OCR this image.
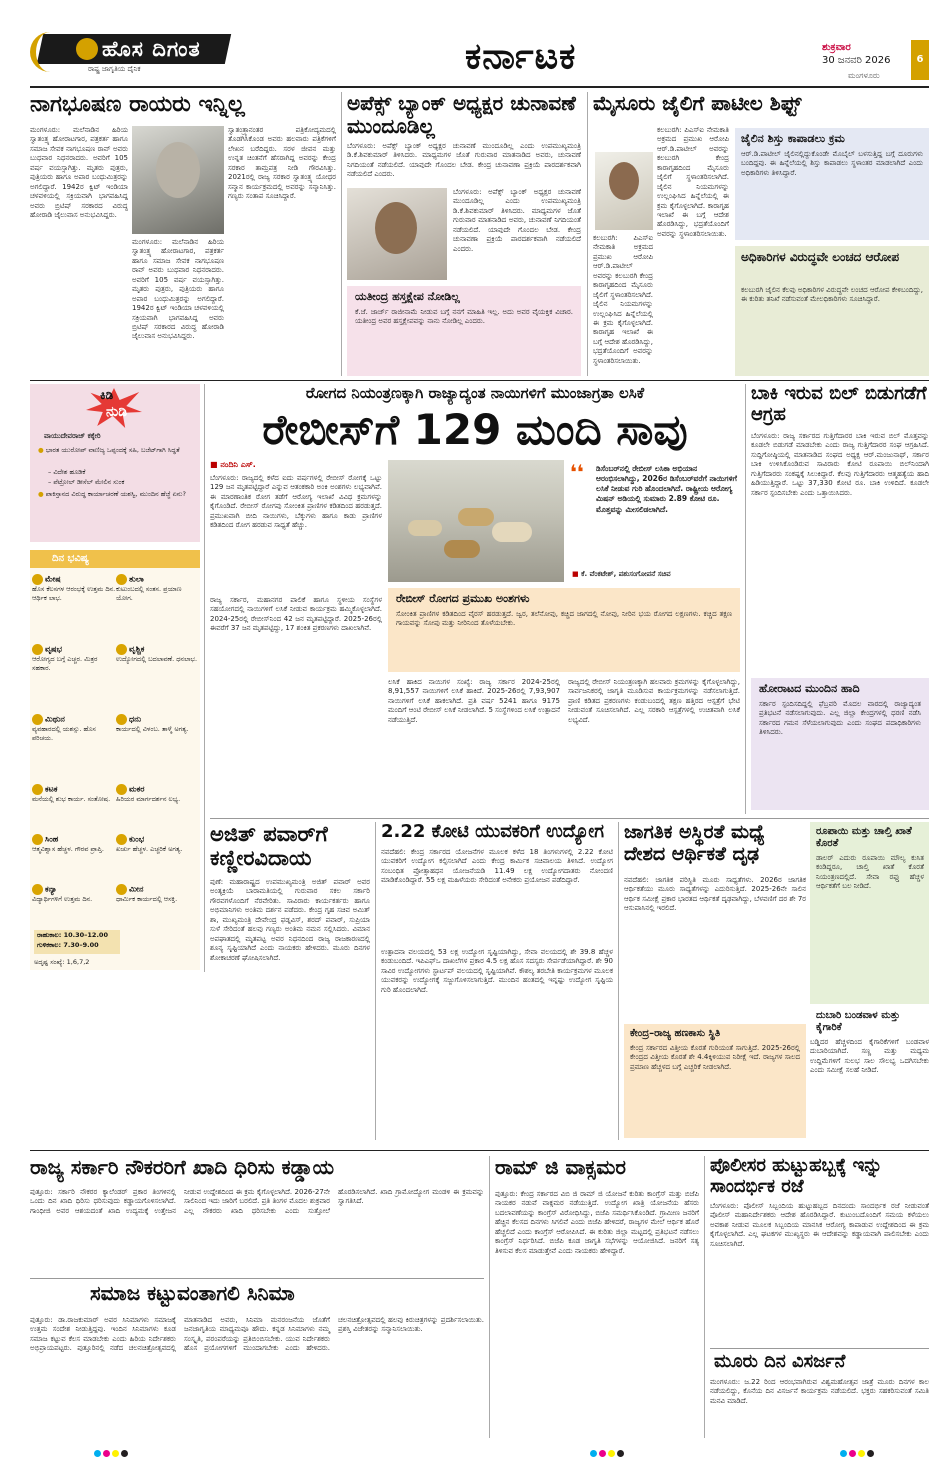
ಹೊಸ ದಿಗಂತ
ರಾಷ್ಟ್ರ ಜಾಗೃತಿಯ ದೈನಿಕ	ಕರ್ನಾಟಕ	ಶುಕ್ರವಾರ
30 ಜನವರಿ 2026
ಮಂಗಳೂರು
6
ನಾಗಭೂಷಣ ರಾಯರು ಇನ್ನಿಲ್ಲ
ಮಂಗಳೂರು: ಮಲೆನಾಡಿನ ಹಿರಿಯ ಸ್ವಾತಂತ್ರ್ಯ ಹೋರಾಟಗಾರ, ಪತ್ರಕರ್ತ ಹಾಗೂ ಸಮಾಜ ಸೇವಕ ನಾಗಭೂಷಣ ರಾವ್ ಅವರು ಬುಧವಾರ ನಿಧನರಾದರು. ಅವರಿಗೆ 105 ವರ್ಷ ವಯಸ್ಸಾಗಿತ್ತು. ಮೃತರು ಪುತ್ರರು, ಪುತ್ರಿಯರು ಹಾಗೂ ಅಪಾರ ಬಂಧುಮಿತ್ರರನ್ನು ಅಗಲಿದ್ದಾರೆ. 1942ರ ಕ್ವಿಟ್ ಇಂಡಿಯಾ ಚಳವಳಿಯಲ್ಲಿ ಸಕ್ರಿಯವಾಗಿ ಭಾಗವಹಿಸಿದ್ದ ಅವರು ಬ್ರಿಟಿಷ್ ಸರಕಾರದ ವಿರುದ್ಧ ಹೋರಾಡಿ ಜೈಲುವಾಸ ಅನುಭವಿಸಿದ್ದರು.
ಸ್ವಾತಂತ್ರ್ಯಾನಂತರ ಪತ್ರಿಕೋದ್ಯಮದಲ್ಲಿ ತೊಡಗಿಸಿಕೊಂಡ ಅವರು ಹಲವಾರು ಪತ್ರಿಕೆಗಳಿಗೆ ಲೇಖನ ಬರೆದಿದ್ದರು. ಸರಳ ಜೀವನ ಮತ್ತು ಉನ್ನತ ಚಿಂತನೆಗೆ ಹೆಸರಾಗಿದ್ದ ಅವರನ್ನು ಕೇಂದ್ರ ಸರಕಾರ ತಾಮ್ರಪತ್ರ ನೀಡಿ ಗೌರವಿಸಿತ್ತು. 2021ರಲ್ಲಿ ರಾಜ್ಯ ಸರಕಾರ ಸ್ವಾತಂತ್ರ್ಯ ಯೋಧರ ಸನ್ಮಾನ ಕಾರ್ಯಕ್ರಮದಲ್ಲಿ ಅವರನ್ನು ಸನ್ಮಾನಿಸಿತ್ತು. ಗಣ್ಯರು ಸಂತಾಪ ಸೂಚಿಸಿದ್ದಾರೆ.
ಮಂಗಳೂರು: ಮಲೆನಾಡಿನ ಹಿರಿಯ ಸ್ವಾತಂತ್ರ್ಯ ಹೋರಾಟಗಾರ, ಪತ್ರಕರ್ತ ಹಾಗೂ ಸಮಾಜ ಸೇವಕ ನಾಗಭೂಷಣ ರಾವ್ ಅವರು ಬುಧವಾರ ನಿಧನರಾದರು. ಅವರಿಗೆ 105 ವರ್ಷ ವಯಸ್ಸಾಗಿತ್ತು. ಮೃತರು ಪುತ್ರರು, ಪುತ್ರಿಯರು ಹಾಗೂ ಅಪಾರ ಬಂಧುಮಿತ್ರರನ್ನು ಅಗಲಿದ್ದಾರೆ. 1942ರ ಕ್ವಿಟ್ ಇಂಡಿಯಾ ಚಳವಳಿಯಲ್ಲಿ ಸಕ್ರಿಯವಾಗಿ ಭಾಗವಹಿಸಿದ್ದ ಅವರು ಬ್ರಿಟಿಷ್ ಸರಕಾರದ ವಿರುದ್ಧ ಹೋರಾಡಿ ಜೈಲುವಾಸ ಅನುಭವಿಸಿದ್ದರು.
ಅಪೆಕ್ಸ್ ಬ್ಯಾಂಕ್ ಅಧ್ಯಕ್ಷರ ಚುನಾವಣೆ ಮುಂದೂಡಿಲ್ಲ
ಬೆಂಗಳೂರು: ಅಪೆಕ್ಸ್ ಬ್ಯಾಂಕ್ ಅಧ್ಯಕ್ಷರ ಚುನಾವಣೆ ಮುಂದೂಡಿಲ್ಲ ಎಂದು ಉಪಮುಖ್ಯಮಂತ್ರಿ ಡಿ.ಕೆ.ಶಿವಕುಮಾರ್ ತಿಳಿಸಿದರು. ಮಾಧ್ಯಮಗಳ ಜೊತೆ ಗುರುವಾರ ಮಾತನಾಡಿದ ಅವರು, ಚುನಾವಣೆ ನಿಗದಿಯಂತೆ ನಡೆಯಲಿದೆ. ಯಾವುದೇ ಗೊಂದಲ ಬೇಡ. ಕೇಂದ್ರ ಚುನಾವಣಾ ಪ್ರಕ್ರಿಯೆ ಪಾರದರ್ಶಕವಾಗಿ ನಡೆಯಲಿದೆ ಎಂದರು.
ಬೆಂಗಳೂರು: ಅಪೆಕ್ಸ್ ಬ್ಯಾಂಕ್ ಅಧ್ಯಕ್ಷರ ಚುನಾವಣೆ ಮುಂದೂಡಿಲ್ಲ ಎಂದು ಉಪಮುಖ್ಯಮಂತ್ರಿ ಡಿ.ಕೆ.ಶಿವಕುಮಾರ್ ತಿಳಿಸಿದರು. ಮಾಧ್ಯಮಗಳ ಜೊತೆ ಗುರುವಾರ ಮಾತನಾಡಿದ ಅವರು, ಚುನಾವಣೆ ನಿಗದಿಯಂತೆ ನಡೆಯಲಿದೆ. ಯಾವುದೇ ಗೊಂದಲ ಬೇಡ. ಕೇಂದ್ರ ಚುನಾವಣಾ ಪ್ರಕ್ರಿಯೆ ಪಾರದರ್ಶಕವಾಗಿ ನಡೆಯಲಿದೆ ಎಂದರು.
ಯತೀಂದ್ರ ಹಸ್ತಕ್ಷೇಪ ನೋಡಿಲ್ಲ
ಕೆ.ಜೆ. ಜಾರ್ಜ್ ರಾಜೀನಾಮೆ ನೀಡುವ ಬಗ್ಗೆ ನನಗೆ ಮಾಹಿತಿ ಇಲ್ಲ. ಅದು ಅವರ ವೈಯಕ್ತಿಕ ವಿಚಾರ. ಯತೀಂದ್ರ ಅವರ ಹಸ್ತಕ್ಷೇಪವನ್ನು ನಾನು ನೋಡಿಲ್ಲ ಎಂದರು.
ಮೈಸೂರು ಜೈಲಿಗೆ ಪಾಟೀಲ ಶಿಫ್ಟ್
ಕಲಬುರಗಿ: ಪಿಎಸ್‌ಐ ನೇಮಕಾತಿ ಅಕ್ರಮದ ಪ್ರಮುಖ ಆರೋಪಿ ಆರ್.ಡಿ.ಪಾಟೀಲ್ ಅವರನ್ನು ಕಲಬುರಗಿ ಕೇಂದ್ರ ಕಾರಾಗೃಹದಿಂದ ಮೈಸೂರು ಜೈಲಿಗೆ ಸ್ಥಳಾಂತರಿಸಲಾಗಿದೆ. ಜೈಲಿನ ನಿಯಮಗಳನ್ನು ಉಲ್ಲಂಘಿಸಿದ ಹಿನ್ನೆಲೆಯಲ್ಲಿ ಈ ಕ್ರಮ ಕೈಗೊಳ್ಳಲಾಗಿದೆ. ಕಾರಾಗೃಹ ಇಲಾಖೆ ಈ ಬಗ್ಗೆ ಆದೇಶ ಹೊರಡಿಸಿದ್ದು, ಭದ್ರತೆಯೊಂದಿಗೆ ಅವರನ್ನು ಸ್ಥಳಾಂತರಿಸಲಾಯಿತು.
ಕಲಬುರಗಿ: ಪಿಎಸ್‌ಐ ನೇಮಕಾತಿ ಅಕ್ರಮದ ಪ್ರಮುಖ ಆರೋಪಿ ಆರ್.ಡಿ.ಪಾಟೀಲ್ ಅವರನ್ನು ಕಲಬುರಗಿ ಕೇಂದ್ರ ಕಾರಾಗೃಹದಿಂದ ಮೈಸೂರು ಜೈಲಿಗೆ ಸ್ಥಳಾಂತರಿಸಲಾಗಿದೆ. ಜೈಲಿನ ನಿಯಮಗಳನ್ನು ಉಲ್ಲಂಘಿಸಿದ ಹಿನ್ನೆಲೆಯಲ್ಲಿ ಈ ಕ್ರಮ ಕೈಗೊಳ್ಳಲಾಗಿದೆ. ಕಾರಾಗೃಹ ಇಲಾಖೆ ಈ ಬಗ್ಗೆ ಆದೇಶ ಹೊರಡಿಸಿದ್ದು, ಭದ್ರತೆಯೊಂದಿಗೆ ಅವರನ್ನು ಸ್ಥಳಾಂತರಿಸಲಾಯಿತು.
ಜೈಲಿನ ಶಿಸ್ತು ಕಾಪಾಡಲು ಕ್ರಮ
ಆರ್.ಡಿ.ಪಾಟೀಲ್ ಜೈಲಿನಲ್ಲಿದ್ದುಕೊಂಡೇ ಮೊಬೈಲ್ ಬಳಸುತ್ತಿದ್ದ ಬಗ್ಗೆ ದೂರುಗಳು ಬಂದಿದ್ದವು. ಈ ಹಿನ್ನೆಲೆಯಲ್ಲಿ ಶಿಸ್ತು ಕಾಪಾಡಲು ಸ್ಥಳಾಂತರ ಮಾಡಲಾಗಿದೆ ಎಂದು ಅಧಿಕಾರಿಗಳು ತಿಳಿಸಿದ್ದಾರೆ.
ಅಧಿಕಾರಿಗಳ ವಿರುದ್ಧವೇ ಲಂಚದ ಆರೋಪ
ಕಲಬುರಗಿ ಜೈಲಿನ ಕೆಲವು ಅಧಿಕಾರಿಗಳ ವಿರುದ್ಧವೇ ಲಂಚದ ಆರೋಪ ಕೇಳಿಬಂದಿದ್ದು, ಈ ಕುರಿತು ತನಿಖೆ ನಡೆಸುವಂತೆ ಮೇಲಧಿಕಾರಿಗಳು ಸೂಚಿಸಿದ್ದಾರೆ.
ಕಿಡಿ
ನುಡಿ
ವಾಯುದೇವರಾಜ್ ಕಕ್ಕೇರಿ
● ಭಾರತ ಯುರೋಪ್ ವಾಣಿಜ್ಯ ಒಪ್ಪಂದಕ್ಕೆ ಸಹಿ, ಬಜೆಟ್‌ಗಾಗಿ ಸಿದ್ಧತೆ
– ವಿದೇಶ ಹೂಡಿಕೆ
– ಪೆಟ್ರೋಲ್ ಡೀಸೆಲ್ ಮೇಲಿನ ಸುಂಕ
● ಪಾಕಿಸ್ತಾನದ ವಿರುದ್ಧ ಕಾರ್ಯಾಚರಣೆ ಯಶಸ್ವಿ, ಮುಂದಿನ ಹೆಜ್ಜೆ ಏನು?
ದಿನ ಭವಿಷ್ಯ
ಮೇಷ
ಹೊಸ ಕೆಲಸಗಳ ಆರಂಭಕ್ಕೆ ಉತ್ತಮ ದಿನ. ಆರ್ಥಿಕ ಲಾಭ.
ತುಲಾ
ಕುಟುಂಬದಲ್ಲಿ ಸಂತಸ. ಪ್ರಯಾಣ ಯೋಗ.
ವೃಷಭ
ಆರೋಗ್ಯದ ಬಗ್ಗೆ ಎಚ್ಚರ. ಮಿತ್ರರ ಸಹಕಾರ.
ವೃಶ್ಚಿಕ
ಉದ್ಯೋಗದಲ್ಲಿ ಬದಲಾವಣೆ. ಧನಲಾಭ.
ಮಿಥುನ
ವ್ಯವಹಾರದಲ್ಲಿ ಯಶಸ್ಸು. ಹೊಸ ಪರಿಚಯ.
ಧನು
ಕಾರ್ಯದಲ್ಲಿ ವಿಳಂಬ. ತಾಳ್ಮೆ ಅಗತ್ಯ.
ಕಟಕ
ಮನೆಯಲ್ಲಿ ಶುಭ ಕಾರ್ಯ. ಸಂತೋಷ.
ಮಕರ
ಹಿರಿಯರ ಮಾರ್ಗದರ್ಶನ ಲಭ್ಯ.
ಸಿಂಹ
ಆತ್ಮವಿಶ್ವಾಸ ಹೆಚ್ಚಳ. ಗೌರವ ಪ್ರಾಪ್ತಿ.
ಕುಂಭ
ಖರ್ಚು ಹೆಚ್ಚಳ. ಎಚ್ಚರಿಕೆ ಅಗತ್ಯ.
ಕನ್ಯಾ
ವಿದ್ಯಾರ್ಥಿಗಳಿಗೆ ಉತ್ತಮ ದಿನ.
ಮೀನ
ಧಾರ್ಮಿಕ ಕಾರ್ಯದಲ್ಲಿ ಆಸಕ್ತಿ.
ರಾಹುಕಾಲ: 10.30–12.00
ಗುಳಿಕಕಾಲ: 7.30–9.00
ಅದೃಷ್ಟ ಸಂಖ್ಯೆ: 1,6,7,2
ರೋಗದ ನಿಯಂತ್ರಣಕ್ಕಾಗಿ ರಾಜ್ಯಾದ್ಯಂತ ನಾಯಿಗಳಿಗೆ ಮುಂಜಾಗ್ರತಾ ಲಸಿಕೆ
ರೇಬೀಸ್‌ಗೆ 129 ಮಂದಿ ಸಾವು
■ ನಂದಿನಿ ಎಸ್.
ಬೆಂಗಳೂರು: ರಾಜ್ಯದಲ್ಲಿ ಕಳೆದ ಐದು ವರ್ಷಗಳಲ್ಲಿ ರೇಬೀಸ್ ರೋಗಕ್ಕೆ ಒಟ್ಟು 129 ಜನ ಮೃತಪಟ್ಟಿದ್ದಾರೆ ಎನ್ನುವ ಆತಂಕಕಾರಿ ಅಂಕಿ ಅಂಶಗಳು ಲಭ್ಯವಾಗಿವೆ. ಈ ಮಾರಣಾಂತಿಕ ರೋಗ ತಡೆಗೆ ಆರೋಗ್ಯ ಇಲಾಖೆ ವಿವಿಧ ಕ್ರಮಗಳನ್ನು ಕೈಗೊಂಡಿದೆ. ರೇಬೀಸ್ ರೋಗವು ಸೋಂಕಿತ ಪ್ರಾಣಿಗಳ ಕಡಿತದಿಂದ ಹರಡುತ್ತದೆ. ಪ್ರಮುಖವಾಗಿ ಬೀದಿ ನಾಯಿಗಳು, ಬೆಕ್ಕುಗಳು ಹಾಗೂ ಕಾಡು ಪ್ರಾಣಿಗಳ ಕಡಿತದಿಂದ ರೋಗ ಹರಡುವ ಸಾಧ್ಯತೆ ಹೆಚ್ಚು.
ರಾಜ್ಯ ಸರ್ಕಾರ, ಮಹಾನಗರ ಪಾಲಿಕೆ ಹಾಗೂ ಸ್ಥಳೀಯ ಸಂಸ್ಥೆಗಳ ಸಹಯೋಗದಲ್ಲಿ ನಾಯಿಗಳಿಗೆ ಲಸಿಕೆ ನೀಡುವ ಕಾರ್ಯಕ್ರಮ ಹಮ್ಮಿಕೊಳ್ಳಲಾಗಿದೆ. 2024-25ರಲ್ಲಿ ರೇಬೀಸ್‌ನಿಂದ 42 ಜನ ಮೃತಪಟ್ಟಿದ್ದಾರೆ. 2025-26ರಲ್ಲಿ ಈವರೆಗೆ 37 ಜನ ಮೃತಪಟ್ಟಿದ್ದು, 17 ಶಂಕಿತ ಪ್ರಕರಣಗಳು ದಾಖಲಾಗಿವೆ.
❛❛ ಡಿಸೆಂಬರ್‌ನಲ್ಲಿ ರೇಬೀಸ್ ಲಸಿಕಾ ಅಭಿಯಾನ ಆರಂಭಿಸಲಾಗಿದ್ದು, 2026ರ ಡಿಸೆಂಬರ್‌ವರೆಗೆ ನಾಯಿಗಳಿಗೆ ಲಸಿಕೆ ನೀಡುವ ಗುರಿ ಹೊಂದಲಾಗಿದೆ. ರಾಷ್ಟ್ರೀಯ ಆರೋಗ್ಯ ಮಿಷನ್ ಅಡಿಯಲ್ಲಿ ಸುಮಾರು 2.89 ಕೋಟಿ ರೂ. ಮೊತ್ತವನ್ನು ಮೀಸಲಿಡಲಾಗಿದೆ.
■ ಕೆ. ವೆಂಕಟೇಶ್, ಪಶುಸಂಗೋಪನೆ ಸಚಿವ
ರೇಬೀಸ್ ರೋಗದ ಪ್ರಮುಖ ಅಂಶಗಳು
ಸೋಂಕಿತ ಪ್ರಾಣಿಗಳ ಕಡಿತದಿಂದ ವೈರಸ್ ಹರಡುತ್ತದೆ. ಜ್ವರ, ತಲೆನೋವು, ಕಚ್ಚಿದ ಜಾಗದಲ್ಲಿ ನೋವು, ನೀರಿನ ಭಯ ರೋಗದ ಲಕ್ಷಣಗಳು. ಕಚ್ಚಿದ ತಕ್ಷಣ ಗಾಯವನ್ನು ಸೋಪು ಮತ್ತು ನೀರಿನಿಂದ ತೊಳೆಯಬೇಕು.
ಲಸಿಕೆ ಹಾಕಿದ ನಾಯಿಗಳ ಸಂಖ್ಯೆ: ರಾಜ್ಯ ಸರ್ಕಾರ 2024-25ರಲ್ಲಿ 8,91,557 ನಾಯಿಗಳಿಗೆ ಲಸಿಕೆ ಹಾಕಿದೆ. 2025-26ರಲ್ಲಿ 7,93,907 ನಾಯಿಗಳಿಗೆ ಲಸಿಕೆ ಹಾಕಲಾಗಿದೆ. ಪ್ರತಿ ವರ್ಷ 5241 ಹಾಗೂ 9175 ಮಂದಿಗೆ ಆಂಟಿ ರೇಬೀಸ್ ಲಸಿಕೆ ನೀಡಲಾಗಿದೆ. 5 ಸಂಸ್ಥೆಗಳಿಂದ ಲಸಿಕೆ ಉತ್ಪಾದನೆ ನಡೆಯುತ್ತಿದೆ.
ರಾಜ್ಯದಲ್ಲಿ ರೇಬೀಸ್ ನಿಯಂತ್ರಣಕ್ಕಾಗಿ ಹಲವಾರು ಕ್ರಮಗಳನ್ನು ಕೈಗೊಳ್ಳಲಾಗಿದ್ದು, ಸಾರ್ವಜನಿಕರಲ್ಲಿ ಜಾಗೃತಿ ಮೂಡಿಸುವ ಕಾರ್ಯಕ್ರಮಗಳನ್ನು ನಡೆಸಲಾಗುತ್ತಿದೆ. ಪ್ರಾಣಿ ಕಡಿತದ ಪ್ರಕರಣಗಳು ಕಂಡುಬಂದಲ್ಲಿ ತಕ್ಷಣ ಹತ್ತಿರದ ಆಸ್ಪತ್ರೆಗೆ ಭೇಟಿ ನೀಡುವಂತೆ ಸೂಚಿಸಲಾಗಿದೆ. ಎಲ್ಲ ಸರಕಾರಿ ಆಸ್ಪತ್ರೆಗಳಲ್ಲಿ ಉಚಿತವಾಗಿ ಲಸಿಕೆ ಲಭ್ಯವಿದೆ.
ಬಾಕಿ ಇರುವ ಬಿಲ್ ಬಿಡುಗಡೆಗೆ ಆಗ್ರಹ
ಬೆಂಗಳೂರು: ರಾಜ್ಯ ಸರ್ಕಾರದ ಗುತ್ತಿಗೆದಾರರ ಬಾಕಿ ಇರುವ ಬಿಲ್ ಮೊತ್ತವನ್ನು ಕೂಡಲೇ ಬಿಡುಗಡೆ ಮಾಡಬೇಕು ಎಂದು ರಾಜ್ಯ ಗುತ್ತಿಗೆದಾರರ ಸಂಘ ಆಗ್ರಹಿಸಿದೆ. ಸುದ್ದಿಗೋಷ್ಠಿಯಲ್ಲಿ ಮಾತನಾಡಿದ ಸಂಘದ ಅಧ್ಯಕ್ಷ ಆರ್.ಮಂಜುನಾಥ್, ಸರ್ಕಾರ ಬಾಕಿ ಉಳಿಸಿಕೊಂಡಿರುವ ಸಾವಿರಾರು ಕೋಟಿ ರೂಪಾಯಿ ಬಿಲ್‌ನಿಂದಾಗಿ ಗುತ್ತಿಗೆದಾರರು ಸಂಕಷ್ಟಕ್ಕೆ ಸಿಲುಕಿದ್ದಾರೆ. ಕೆಲವು ಗುತ್ತಿಗೆದಾರರು ಆತ್ಮಹತ್ಯೆಯ ಹಾದಿ ಹಿಡಿಯುತ್ತಿದ್ದಾರೆ. ಒಟ್ಟು 37,330 ಕೋಟಿ ರೂ. ಬಾಕಿ ಉಳಿದಿದೆ. ಕೂಡಲೇ ಸರ್ಕಾರ ಸ್ಪಂದಿಸಬೇಕು ಎಂದು ಒತ್ತಾಯಿಸಿದರು.
ಹೋರಾಟದ ಮುಂದಿನ ಹಾದಿ
ಸರ್ಕಾರ ಸ್ಪಂದಿಸದಿದ್ದಲ್ಲಿ ಫೆಬ್ರವರಿ ಮೊದಲ ವಾರದಲ್ಲಿ ರಾಜ್ಯಾದ್ಯಂತ ಪ್ರತಿಭಟನೆ ನಡೆಸಲಾಗುವುದು. ಎಲ್ಲ ಜಿಲ್ಲಾ ಕೇಂದ್ರಗಳಲ್ಲಿ ಧರಣಿ ನಡೆಸಿ ಸರ್ಕಾರದ ಗಮನ ಸೆಳೆಯಲಾಗುವುದು ಎಂದು ಸಂಘದ ಪದಾಧಿಕಾರಿಗಳು ತಿಳಿಸಿದರು.
ಅಜಿತ್ ಪವಾರ್‌ಗೆ ಕಣ್ಣೀರವಿದಾಯ
ಪುಣೆ: ಮಹಾರಾಷ್ಟ್ರದ ಉಪಮುಖ್ಯಮಂತ್ರಿ ಅಜಿತ್ ಪವಾರ್ ಅವರ ಅಂತ್ಯಕ್ರಿಯೆ ಬಾರಾಮತಿಯಲ್ಲಿ ಗುರುವಾರ ಸಕಲ ಸರ್ಕಾರಿ ಗೌರವಗಳೊಂದಿಗೆ ನೆರವೇರಿತು. ಸಾವಿರಾರು ಕಾರ್ಯಕರ್ತರು ಹಾಗೂ ಅಭಿಮಾನಿಗಳು ಅಂತಿಮ ದರ್ಶನ ಪಡೆದರು. ಕೇಂದ್ರ ಗೃಹ ಸಚಿವ ಅಮಿತ್ ಶಾ, ಮುಖ್ಯಮಂತ್ರಿ ದೇವೇಂದ್ರ ಫಡ್ನವಿಸ್, ಶರದ್ ಪವಾರ್, ಸುಪ್ರಿಯಾ ಸುಳೆ ಸೇರಿದಂತೆ ಹಲವು ಗಣ್ಯರು ಅಂತಿಮ ನಮನ ಸಲ್ಲಿಸಿದರು. ವಿಮಾನ ಅಪಘಾತದಲ್ಲಿ ಮೃತಪಟ್ಟ ಅವರ ನಿಧನದಿಂದ ರಾಜ್ಯ ರಾಜಕಾರಣದಲ್ಲಿ ಶೂನ್ಯ ಸೃಷ್ಟಿಯಾಗಿದೆ ಎಂದು ನಾಯಕರು ಹೇಳಿದರು. ಮೂರು ದಿನಗಳ ಶೋಕಾಚರಣೆ ಘೋಷಿಸಲಾಗಿದೆ.
2.22 ಕೋಟಿ ಯುವಕರಿಗೆ ಉದ್ಯೋಗ
ನವದೆಹಲಿ: ಕೇಂದ್ರ ಸರ್ಕಾರದ ಯೋಜನೆಗಳ ಮೂಲಕ ಕಳೆದ 18 ತಿಂಗಳುಗಳಲ್ಲಿ 2.22 ಕೋಟಿ ಯುವಕರಿಗೆ ಉದ್ಯೋಗ ಕಲ್ಪಿಸಲಾಗಿದೆ ಎಂದು ಕೇಂದ್ರ ಕಾರ್ಮಿಕ ಸಚಿವಾಲಯ ತಿಳಿಸಿದೆ. ಉದ್ಯೋಗ ಸಂಬಂಧಿತ ಪ್ರೋತ್ಸಾಹಧನ ಯೋಜನೆಯಡಿ 11.49 ಲಕ್ಷ ಉದ್ಯೋಗದಾತರು ನೋಂದಣಿ ಮಾಡಿಕೊಂಡಿದ್ದಾರೆ. 55 ಲಕ್ಷ ಮಹಿಳೆಯರು ಸೇರಿದಂತೆ ಅನೇಕರು ಪ್ರಯೋಜನ ಪಡೆದಿದ್ದಾರೆ.
ಉತ್ಪಾದನಾ ವಲಯದಲ್ಲಿ 53 ಲಕ್ಷ ಉದ್ಯೋಗ ಸೃಷ್ಟಿಯಾಗಿದ್ದು, ಸೇವಾ ವಲಯದಲ್ಲಿ ಶೇ 39.8 ಹೆಚ್ಚಳ ಕಂಡುಬಂದಿದೆ. ಇಪಿಎಫ್‌ಒ ದಾಖಲೆಗಳ ಪ್ರಕಾರ 4.5 ಲಕ್ಷ ಹೊಸ ಸದಸ್ಯರು ಸೇರ್ಪಡೆಯಾಗಿದ್ದಾರೆ. ಶೇ 90 ಸಾವಿರ ಉದ್ಯೋಗಗಳು ಸ್ಟಾರ್ಟಪ್ ವಲಯದಲ್ಲಿ ಸೃಷ್ಟಿಯಾಗಿವೆ. ಕೌಶಲ್ಯ ತರಬೇತಿ ಕಾರ್ಯಕ್ರಮಗಳ ಮೂಲಕ ಯುವಕರನ್ನು ಉದ್ಯೋಗಕ್ಕೆ ಸಜ್ಜುಗೊಳಿಸಲಾಗುತ್ತಿದೆ. ಮುಂದಿನ ಹಂತದಲ್ಲಿ ಇನ್ನಷ್ಟು ಉದ್ಯೋಗ ಸೃಷ್ಟಿಯ ಗುರಿ ಹೊಂದಲಾಗಿದೆ.
ಜಾಗತಿಕ ಅಸ್ಥಿರತೆ ಮಧ್ಯೆ ದೇಶದ ಆರ್ಥಿಕತೆ ದೃಢ
ನವದೆಹಲಿ: ಜಾಗತಿಕ ಪರಿಸ್ಥಿತಿ ಮೂರು ಸಾಧ್ಯತೆಗಳು. 2026ರ ಜಾಗತಿಕ ಆರ್ಥಿಕತೆಯು ಮೂರು ಸಾಧ್ಯತೆಗಳನ್ನು ಎದುರಿಸುತ್ತಿದೆ. 2025-26ನೇ ಸಾಲಿನ ಆರ್ಥಿಕ ಸಮೀಕ್ಷೆ ಪ್ರಕಾರ ಭಾರತದ ಆರ್ಥಿಕತೆ ದೃಢವಾಗಿದ್ದು, ಬೆಳವಣಿಗೆ ದರ ಶೇ 7ರ ಆಸುಪಾಸಿನಲ್ಲಿ ಇರಲಿದೆ.
ಕೇಂದ್ರ–ರಾಜ್ಯ ಹಣಕಾಸು ಸ್ಥಿತಿ
ಕೇಂದ್ರ ಸರ್ಕಾರದ ವಿತ್ತೀಯ ಕೊರತೆ ಗುರಿಯಂತೆ ಸಾಗುತ್ತಿದೆ. 2025-26ರಲ್ಲಿ ಕೇಂದ್ರದ ವಿತ್ತೀಯ ಕೊರತೆ ಶೇ 4.4ಕ್ಕಿಳಿಯುವ ನಿರೀಕ್ಷೆ ಇದೆ. ರಾಜ್ಯಗಳ ಸಾಲದ ಪ್ರಮಾಣ ಹೆಚ್ಚಳದ ಬಗ್ಗೆ ಎಚ್ಚರಿಕೆ ನೀಡಲಾಗಿದೆ.
ರೂಪಾಯಿ ಮತ್ತು ಚಾಲ್ತಿ ಖಾತೆ ಕೊರತೆ
ಡಾಲರ್ ಎದುರು ರೂಪಾಯಿ ಮೌಲ್ಯ ಕುಸಿತ ಕಂಡಿದ್ದರೂ, ಚಾಲ್ತಿ ಖಾತೆ ಕೊರತೆ ನಿಯಂತ್ರಣದಲ್ಲಿದೆ. ಸೇವಾ ರಫ್ತು ಹೆಚ್ಚಳ ಆರ್ಥಿಕತೆಗೆ ಬಲ ನೀಡಿದೆ.
ದುಬಾರಿ ಬಂಡವಾಳ ಮತ್ತು ಕೈಗಾರಿಕೆ
ಬಡ್ಡಿದರ ಹೆಚ್ಚಳದಿಂದ ಕೈಗಾರಿಕೆಗಳಿಗೆ ಬಂಡವಾಳ ದುಬಾರಿಯಾಗಿದೆ. ಸಣ್ಣ ಮತ್ತು ಮಧ್ಯಮ ಉದ್ದಿಮೆಗಳಿಗೆ ಸುಲಭ ಸಾಲ ಸೌಲಭ್ಯ ಒದಗಿಸಬೇಕು ಎಂದು ಸಮೀಕ್ಷೆ ಸಲಹೆ ನೀಡಿದೆ.
ರಾಜ್ಯ ಸರ್ಕಾರಿ ನೌಕರರಿಗೆ ಖಾದಿ ಧಿರಿಸು ಕಡ್ಡಾಯ
ಪುತ್ತೂರು: ಸರ್ಕಾರಿ ನೌಕರರ ಕ್ಯಾಲೆಂಡರ್ ಪ್ರಕಾರ ತಿಂಗಳಿನಲ್ಲಿ ಒಂದು ದಿನ ಖಾದಿ ಧಿರಿಸು ಧರಿಸುವುದು ಕಡ್ಡಾಯಗೊಳಿಸಲಾಗಿದೆ. ಗಾಂಧೀಜಿ ಅವರ ಆಶಯದಂತೆ ಖಾದಿ ಉದ್ಯಮಕ್ಕೆ ಉತ್ತೇಜನ ನೀಡುವ ಉದ್ದೇಶದಿಂದ ಈ ಕ್ರಮ ಕೈಗೊಳ್ಳಲಾಗಿದೆ. 2026-27ನೇ ಸಾಲಿನಿಂದ ಇದು ಜಾರಿಗೆ ಬರಲಿದೆ. ಪ್ರತಿ ತಿಂಗಳ ಮೊದಲ ಶುಕ್ರವಾರ ಎಲ್ಲ ನೌಕರರು ಖಾದಿ ಧರಿಸಬೇಕು ಎಂದು ಸುತ್ತೋಲೆ ಹೊರಡಿಸಲಾಗಿದೆ. ಖಾದಿ ಗ್ರಾಮೋದ್ಯೋಗ ಮಂಡಳಿ ಈ ಕ್ರಮವನ್ನು ಸ್ವಾಗತಿಸಿದೆ.
ಸಮಾಜ ಕಟ್ಟುವಂತಾಗಲಿ ಸಿನಿಮಾ
ಪುತ್ತೂರು: ಡಾ.ರಾಜಕುಮಾರ್ ಅವರ ಸಿನಿಮಾಗಳು ಸಮಾಜಕ್ಕೆ ಉತ್ತಮ ಸಂದೇಶ ನೀಡುತ್ತಿದ್ದವು. ಇಂದಿನ ಸಿನಿಮಾಗಳು ಕೂಡ ಸಮಾಜ ಕಟ್ಟುವ ಕೆಲಸ ಮಾಡಬೇಕು ಎಂದು ಹಿರಿಯ ನಿರ್ದೇಶಕರು ಅಭಿಪ್ರಾಯಪಟ್ಟರು. ಪುತ್ತೂರಿನಲ್ಲಿ ನಡೆದ ಚಲನಚಿತ್ರೋತ್ಸವದಲ್ಲಿ ಮಾತನಾಡಿದ ಅವರು, ಸಿನಿಮಾ ಮನರಂಜನೆಯ ಜೊತೆಗೆ ಜನಜಾಗೃತಿಯ ಮಾಧ್ಯಮವೂ ಹೌದು. ಕನ್ನಡ ಸಿನಿಮಾಗಳು ನಮ್ಮ ಸಂಸ್ಕೃತಿ, ಪರಂಪರೆಯನ್ನು ಪ್ರತಿಬಿಂಬಿಸಬೇಕು. ಯುವ ನಿರ್ದೇಶಕರು ಹೊಸ ಪ್ರಯೋಗಗಳಿಗೆ ಮುಂದಾಗಬೇಕು ಎಂದು ಹೇಳಿದರು. ಚಲನಚಿತ್ರೋತ್ಸವದಲ್ಲಿ ಹಲವು ಕಿರುಚಿತ್ರಗಳನ್ನು ಪ್ರದರ್ಶಿಸಲಾಯಿತು. ಪ್ರಶಸ್ತಿ ವಿಜೇತರನ್ನು ಸನ್ಮಾನಿಸಲಾಯಿತು.
ರಾಮ್ ಜಿ ವಾಕ್ಸಮರ
ಪುತ್ತೂರು: ಕೇಂದ್ರ ಸರ್ಕಾರದ ವಿಬಿ ಜಿ ರಾಮ್ ಜಿ ಯೋಜನೆ ಕುರಿತು ಕಾಂಗ್ರೆಸ್ ಮತ್ತು ಬಿಜೆಪಿ ನಾಯಕರ ನಡುವೆ ವಾಕ್ಸಮರ ನಡೆಯುತ್ತಿದೆ. ಉದ್ಯೋಗ ಖಾತ್ರಿ ಯೋಜನೆಯ ಹೆಸರು ಬದಲಾವಣೆಯನ್ನು ಕಾಂಗ್ರೆಸ್ ವಿರೋಧಿಸಿದ್ದು, ಬಿಜೆಪಿ ಸಮರ್ಥಿಸಿಕೊಂಡಿದೆ. ಗ್ರಾಮೀಣ ಜನರಿಗೆ ಹೆಚ್ಚಿನ ಕೆಲಸದ ದಿನಗಳು ಸಿಗಲಿವೆ ಎಂದು ಬಿಜೆಪಿ ಹೇಳಿದರೆ, ರಾಜ್ಯಗಳ ಮೇಲೆ ಆರ್ಥಿಕ ಹೊರೆ ಹೆಚ್ಚಲಿದೆ ಎಂದು ಕಾಂಗ್ರೆಸ್ ಆರೋಪಿಸಿದೆ. ಈ ಕುರಿತು ಜಿಲ್ಲಾ ಮಟ್ಟದಲ್ಲಿ ಪ್ರತಿಭಟನೆ ನಡೆಸಲು ಕಾಂಗ್ರೆಸ್ ನಿರ್ಧರಿಸಿದೆ. ಬಿಜೆಪಿ ಕೂಡ ಜಾಗೃತಿ ಸಭೆಗಳನ್ನು ಆಯೋಜಿಸಿದೆ. ಜನರಿಗೆ ಸತ್ಯ ತಿಳಿಸುವ ಕೆಲಸ ಮಾಡುತ್ತೇವೆ ಎಂದು ನಾಯಕರು ಹೇಳಿದ್ದಾರೆ.
ಪೊಲೀಸರ ಹುಟ್ಟುಹಬ್ಬಕ್ಕೆ ಇನ್ನು ಸಾಂದರ್ಭಿಕ ರಜೆ
ಬೆಂಗಳೂರು: ಪೊಲೀಸ್ ಸಿಬ್ಬಂದಿಯ ಹುಟ್ಟುಹಬ್ಬದ ದಿನದಂದು ಸಾಂದರ್ಭಿಕ ರಜೆ ನೀಡುವಂತೆ ಪೊಲೀಸ್ ಮಹಾನಿರ್ದೇಶಕರು ಆದೇಶ ಹೊರಡಿಸಿದ್ದಾರೆ. ಕುಟುಂಬದೊಂದಿಗೆ ಸಮಯ ಕಳೆಯಲು ಅವಕಾಶ ನೀಡುವ ಮೂಲಕ ಸಿಬ್ಬಂದಿಯ ಮಾನಸಿಕ ಆರೋಗ್ಯ ಕಾಪಾಡುವ ಉದ್ದೇಶದಿಂದ ಈ ಕ್ರಮ ಕೈಗೊಳ್ಳಲಾಗಿದೆ. ಎಲ್ಲ ಘಟಕಗಳ ಮುಖ್ಯಸ್ಥರು ಈ ಆದೇಶವನ್ನು ಕಡ್ಡಾಯವಾಗಿ ಪಾಲಿಸಬೇಕು ಎಂದು ಸೂಚಿಸಲಾಗಿದೆ.
ಮೂರು ದಿನ ವಿಸರ್ಜನೆ
ಮಂಗಳೂರು: ಜ.22 ರಿಂದ ಆರಂಭವಾಗಿರುವ ವಿಶ್ವಮಹೋತ್ಸವ ಜಾತ್ರೆ ಮೂರು ದಿನಗಳ ಕಾಲ ನಡೆಯಲಿದ್ದು, ಕೊನೆಯ ದಿನ ವಿಸರ್ಜನೆ ಕಾರ್ಯಕ್ರಮ ನಡೆಯಲಿದೆ. ಭಕ್ತರು ಸಹಕರಿಸುವಂತೆ ಸಮಿತಿ ಮನವಿ ಮಾಡಿದೆ.
